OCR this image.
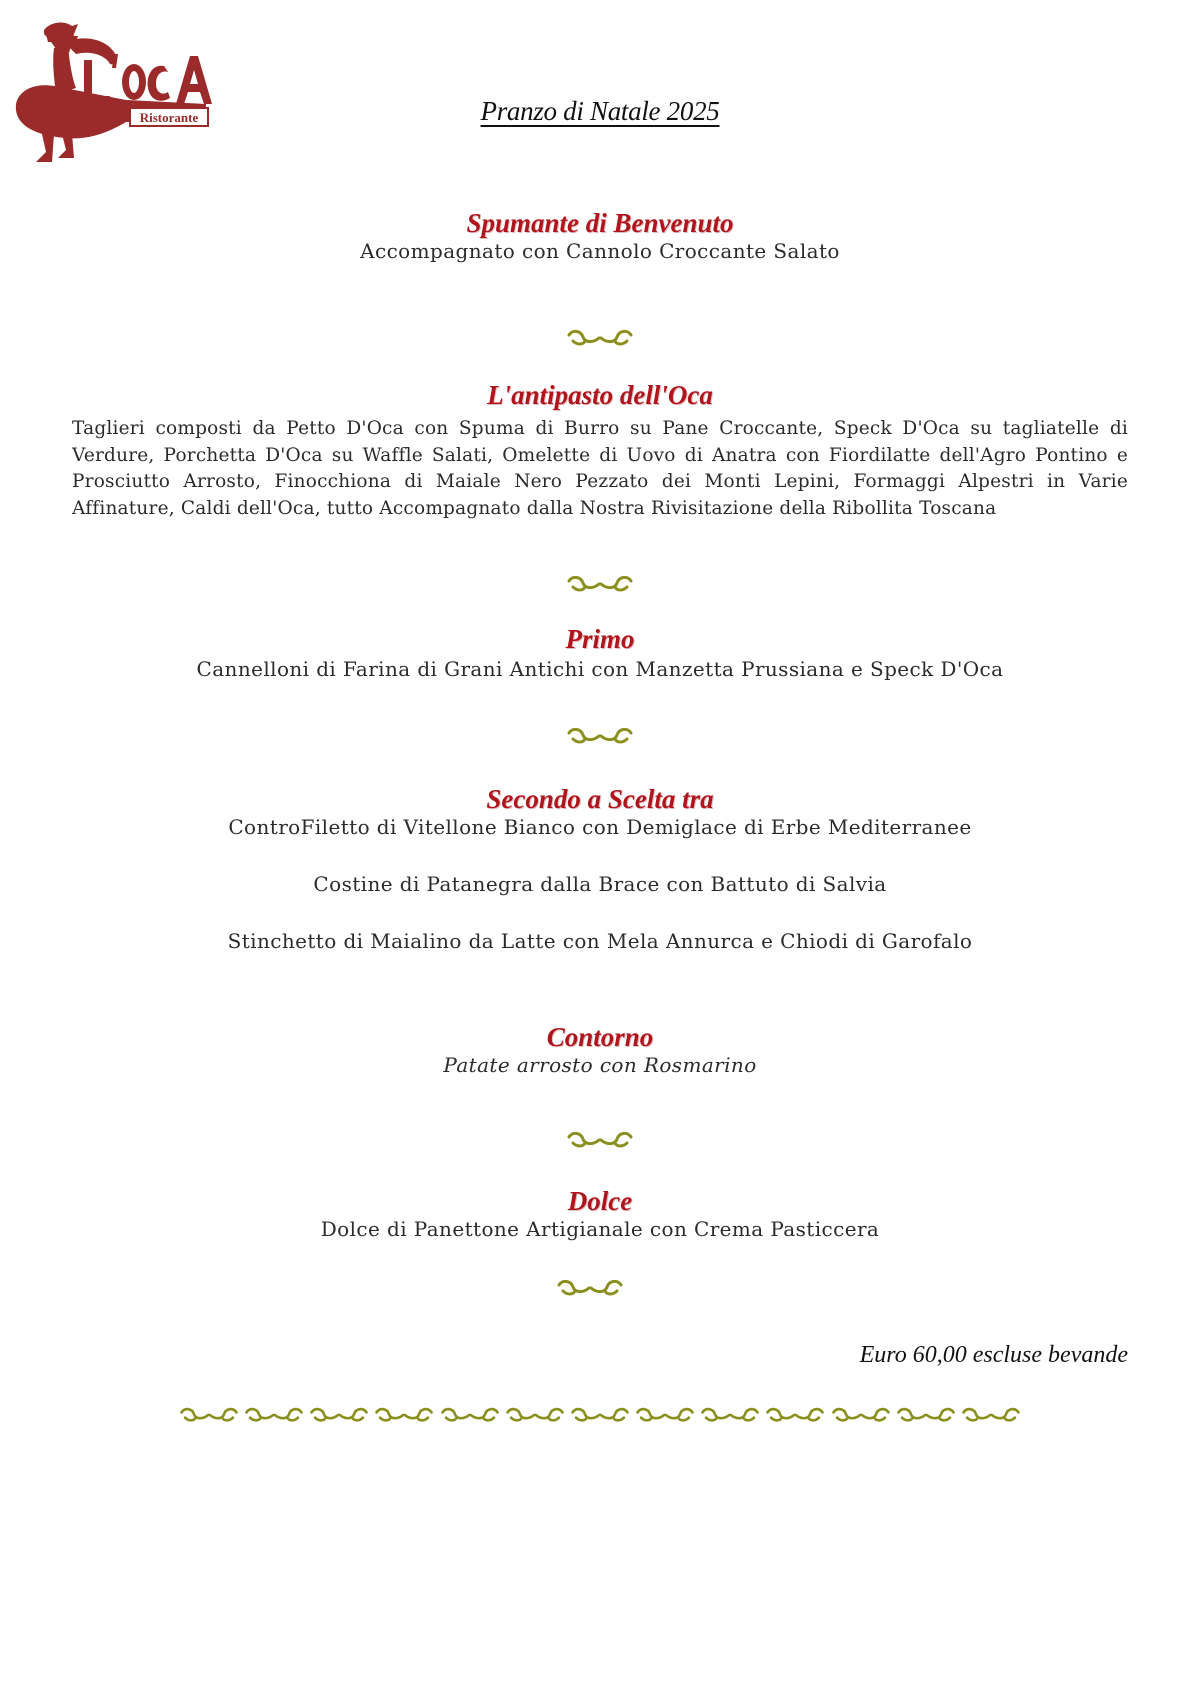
Ristorante	Pranzo di Natale 2025
Spumante di Benvenuto
Accompagnato con Cannolo Croccante Salato
L'antipasto dell'Oca
Taglieri composti da Petto D'Oca con Spuma di Burro su Pane Croccante, Speck D'Oca su tagliatelle di Verdure, Porchetta D'Oca su Waffle Salati, Omelette di Uovo di Anatra con Fiordilatte dell'Agro Pontino e Prosciutto Arrosto, Finocchiona di Maiale Nero Pezzato dei Monti Lepini, Formaggi Alpestri in Varie Affinature, Caldi dell'Oca, tutto Accompagnato dalla Nostra Rivisitazione della Ribollita Toscana
Primo
Cannelloni di Farina di Grani Antichi con Manzetta Prussiana e Speck D'Oca
Secondo a Scelta tra
ControFiletto di Vitellone Bianco con Demiglace di Erbe Mediterranee
Costine di Patanegra dalla Brace con Battuto di Salvia
Stinchetto di Maialino da Latte con Mela Annurca e Chiodi di Garofalo
Contorno
Patate arrosto con Rosmarino
Dolce
Dolce di Panettone Artigianale con Crema Pasticcera
Euro 60,00 escluse bevande
